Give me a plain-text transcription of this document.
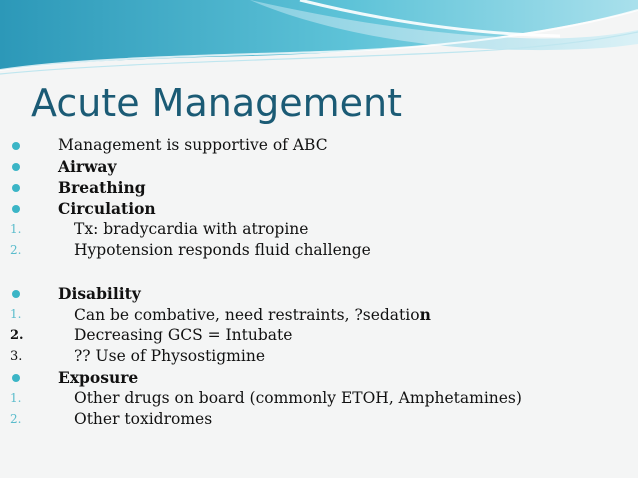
Acute Management
Management is supportive of ABC
Airway
Breathing
Circulation
1.	Tx: bradycardia with atropine
2.	Hypotension responds fluid challenge
Disability
1.	Can be combative, need restraints, ?sedation
2.	Decreasing GCS = Intubate
3.	?? Use of Physostigmine
Exposure
1.	Other drugs on board (commonly ETOH, Amphetamines)
2.	Other toxidromes
